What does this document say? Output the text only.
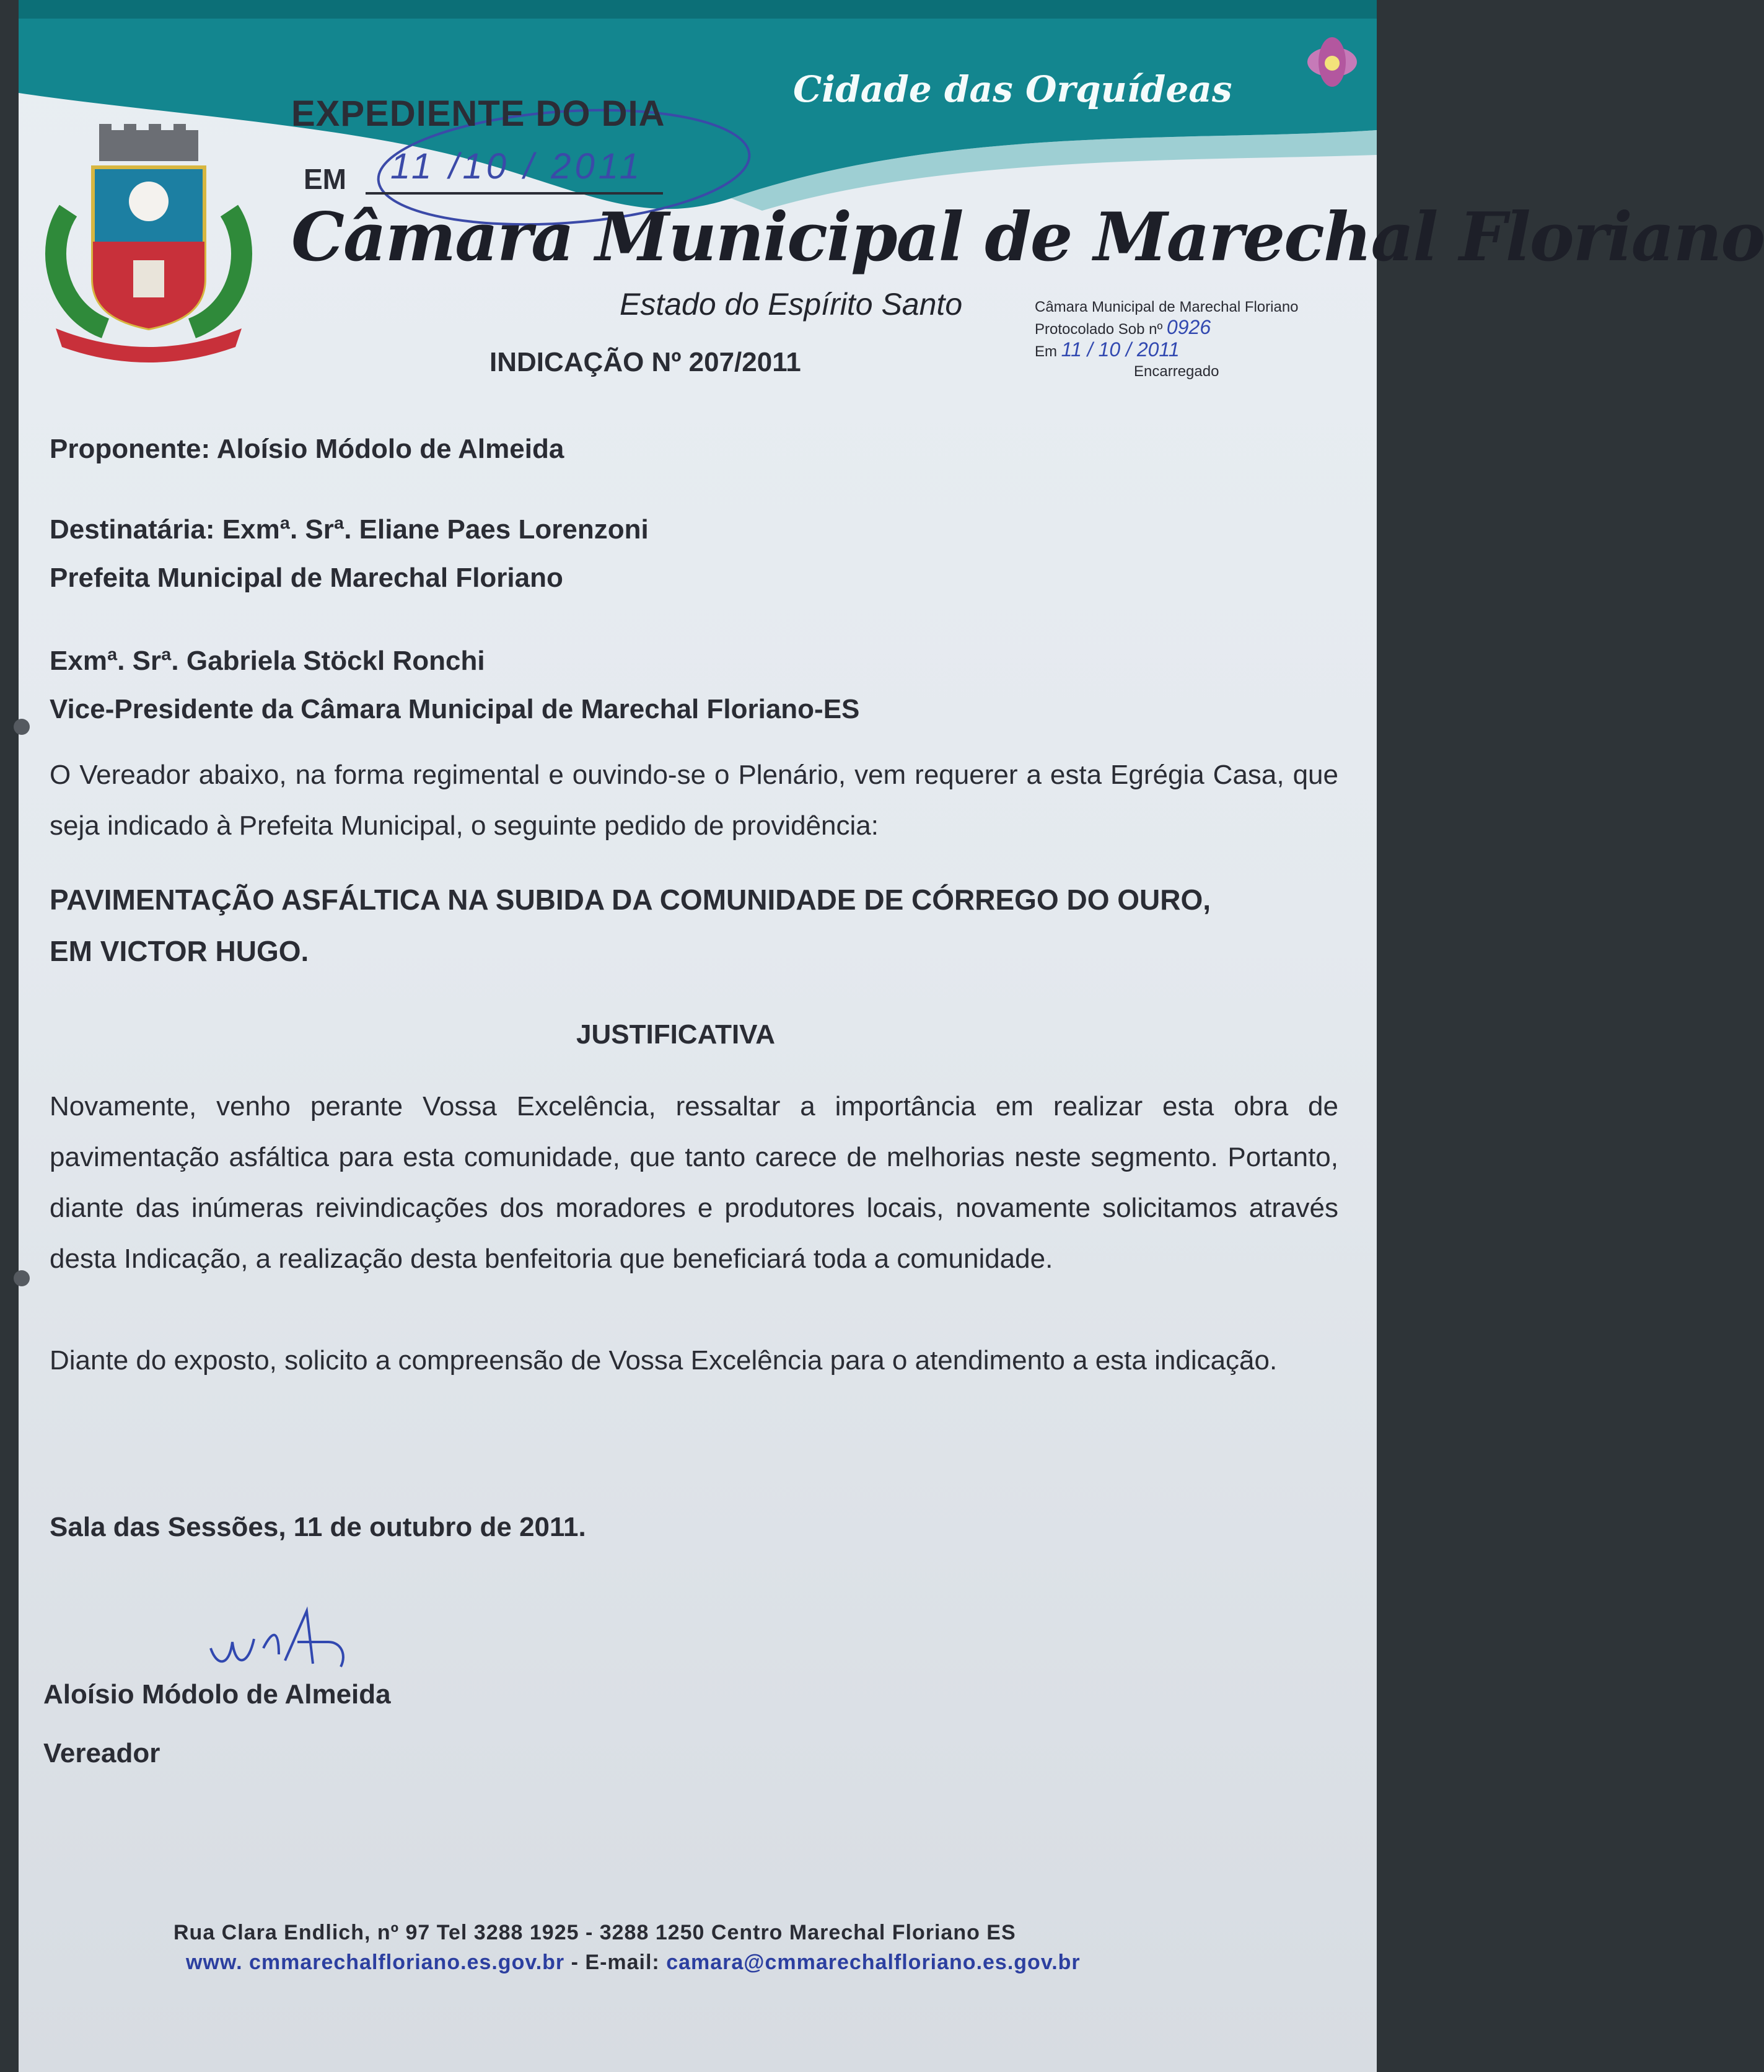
EXPEDIENTE DO DIA
EM 11 /10 / 2011
Cidade das Orquídeas
Câmara Municipal de Marechal Floriano
Estado do Espírito Santo	Câmara Municipal de Marechal Floriano
Protocolado Sob nº 0926
Em 11 / 10 / 2011
Encarregado
INDICAÇÃO Nº 207/2011
Proponente: Aloísio Módolo de Almeida
Destinatária: Exmª. Srª. Eliane Paes Lorenzoni
Prefeita Municipal de Marechal Floriano
Exmª. Srª. Gabriela Stöckl Ronchi
Vice-Presidente da Câmara Municipal de Marechal Floriano-ES
O Vereador abaixo, na forma regimental e ouvindo-se o Plenário, vem requerer a esta Egrégia Casa, que seja indicado à Prefeita Municipal, o seguinte pedido de providência:
PAVIMENTAÇÃO ASFÁLTICA NA SUBIDA DA COMUNIDADE DE CÓRREGO DO OURO,
EM VICTOR HUGO.
JUSTIFICATIVA
Novamente, venho perante Vossa Excelência, ressaltar a importância em realizar esta obra de pavimentação asfáltica para esta comunidade, que tanto carece de melhorias neste segmento. Portanto, diante das inúmeras reivindicações dos moradores e produtores locais, novamente solicitamos através desta Indicação, a realização desta benfeitoria que beneficiará toda a comunidade.
Diante do exposto, solicito a compreensão de Vossa Excelência para o atendimento a esta indicação.
Sala das Sessões, 11 de outubro de 2011.
Aloísio Módolo de Almeida
Vereador
Rua Clara Endlich, nº 97 Tel 3288 1925 - 3288 1250 Centro Marechal Floriano ES
www. cmmarechalfloriano.es.gov.br - E-mail: camara@cmmarechalfloriano.es.gov.br
